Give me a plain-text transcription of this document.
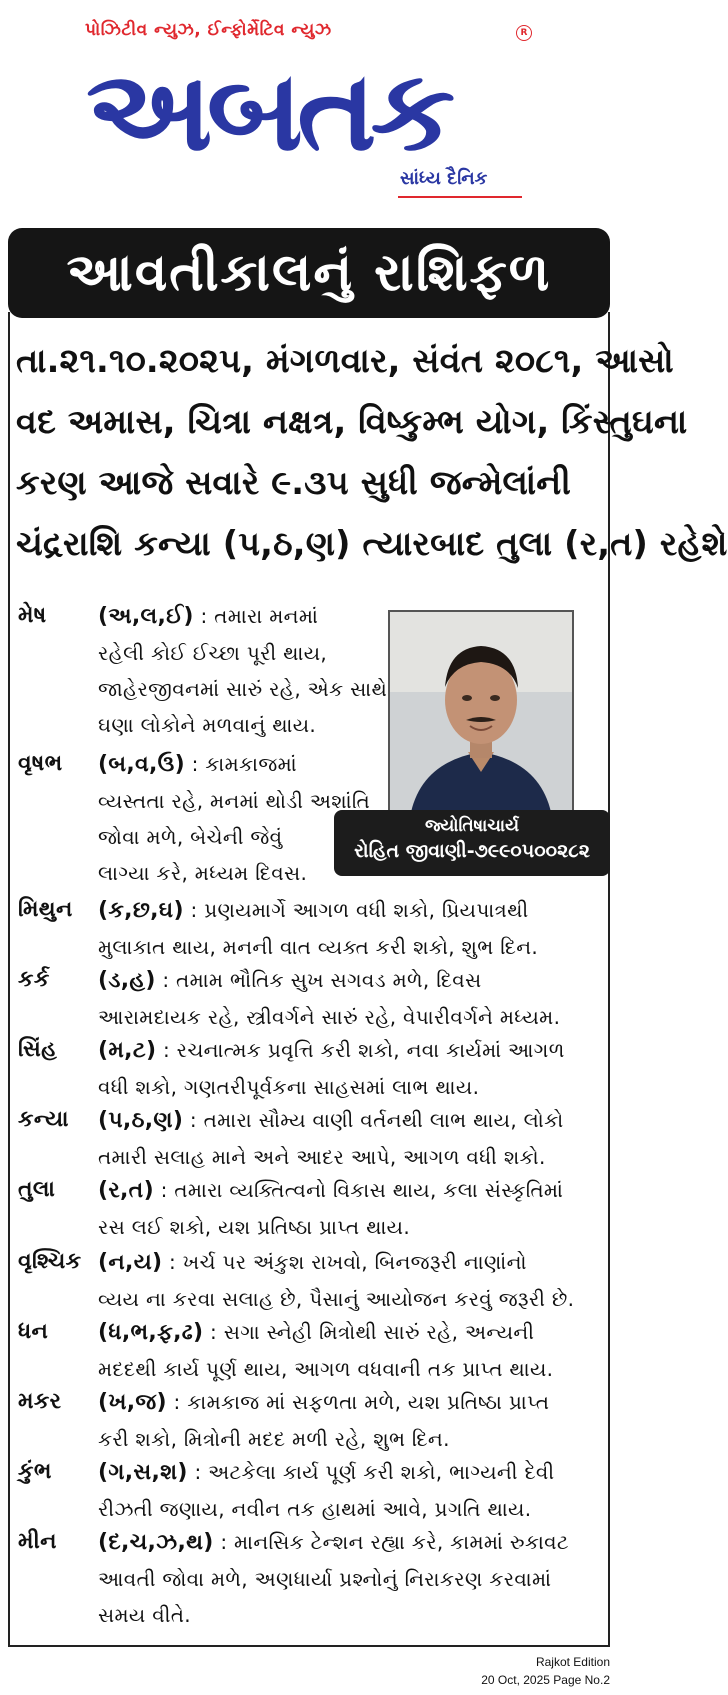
પોઝિટીવ ન્યુઝ, ઈન્ફોર્મેટિવ ન્યુઝ	R
અબતક
સાંધ્ય દૈનિક
આવતીકાલનું રાશિફળ
તા.૨૧.૧૦.૨૦૨૫, મંગળવાર, સંવંત ૨૦૮૧, આસો
વદ અમાસ, ચિત્રા નક્ષત્ર, વિષ્કુમ્ભ યોગ, કિંસ્તુઘના
કરણ આજે સવારે ૯.૩૫ સુધી જન્મેલાંની
ચંદ્રરાશિ કન્યા (પ,ઠ,ણ) ત્યારબાદ તુલા (ર,ત) રહેશે
જ્યોતિષાચાર્ય
રોહિત જીવાણી-૭૯૯૦૫૦૦૨૮૨
મેષ	(અ,લ,ઈ) : તમારા મનમાં
રહેલી કોઈ ઈચ્છા પૂરી થાય,
જાહેરજીવનમાં સારું રહે, એક સાથે
ઘણા લોકોને મળવાનું થાય.
વૃષભ	(બ,વ,ઉ) : કામકાજમાં
વ્યસ્તતા રહે, મનમાં થોડી અશાંતિ
જોવા મળે, બેચેની જેવું
લાગ્યા કરે, મધ્યમ દિવસ.
મિથુન	(ક,છ,ઘ) : પ્રણયમાર્ગે આગળ વધી શકો, પ્રિયપાત્રથી
મુલાકાત થાય, મનની વાત વ્યક્ત કરી શકો, શુભ દિન.
કર્ક	(ડ,હ) : તમામ ભૌતિક સુખ સગવડ મળે, દિવસ
આરામદાયક રહે, સ્ત્રીવર્ગને સારું રહે, વેપારીવર્ગને મધ્યમ.
સિંહ	(મ,ટ) : રચનાત્મક પ્રવૃત્તિ કરી શકો, નવા કાર્યમાં આગળ
વધી શકો, ગણતરીપૂર્વકના સાહસમાં લાભ થાય.
કન્યા	(પ,ઠ,ણ) : તમારા સૌમ્ય વાણી વર્તનથી લાભ થાય, લોકો
તમારી સલાહ માને અને આદર આપે, આગળ વધી શકો.
તુલા	(ર,ત) : તમારા વ્યક્તિત્વનો વિકાસ થાય, કલા સંસ્કૃતિમાં
રસ લઈ શકો, યશ પ્રતિષ્ઠા પ્રાપ્ત થાય.
વૃશ્ચિક (ન,ય) : ખર્ચ પર અંકુશ રાખવો, બિનજરૂરી નાણાંનો
વ્યય ના કરવા સલાહ છે, પૈસાનું આયોજન કરવું જરૂરી છે.
ધન	(ધ,ભ,ફ,ઢ) : સગા સ્નેહી મિત્રોથી સારું રહે, અન્યની
મદદથી કાર્ય પૂર્ણ થાય, આગળ વધવાની તક પ્રાપ્ત થાય.
મકર	(ખ,જ) : કામકાજ માં સફળતા મળે, યશ પ્રતિષ્ઠા પ્રાપ્ત
કરી શકો, મિત્રોની મદદ મળી રહે, શુભ દિન.
કુંભ	(ગ,સ,શ) : અટકેલા કાર્ય પૂર્ણ કરી શકો, ભાગ્યની દેવી
રીઝતી જણાય, નવીન તક હાથમાં આવે, પ્રગતિ થાય.
મીન	(દ,ચ,ઝ,થ) : માનસિક ટેન્શન રહ્યા કરે, કામમાં રુકાવટ
આવતી જોવા મળે, અણધાર્યા પ્રશ્નોનું નિરાકરણ કરવામાં
સમય વીતે.
Rajkot Edition
20 Oct, 2025 Page No.2
